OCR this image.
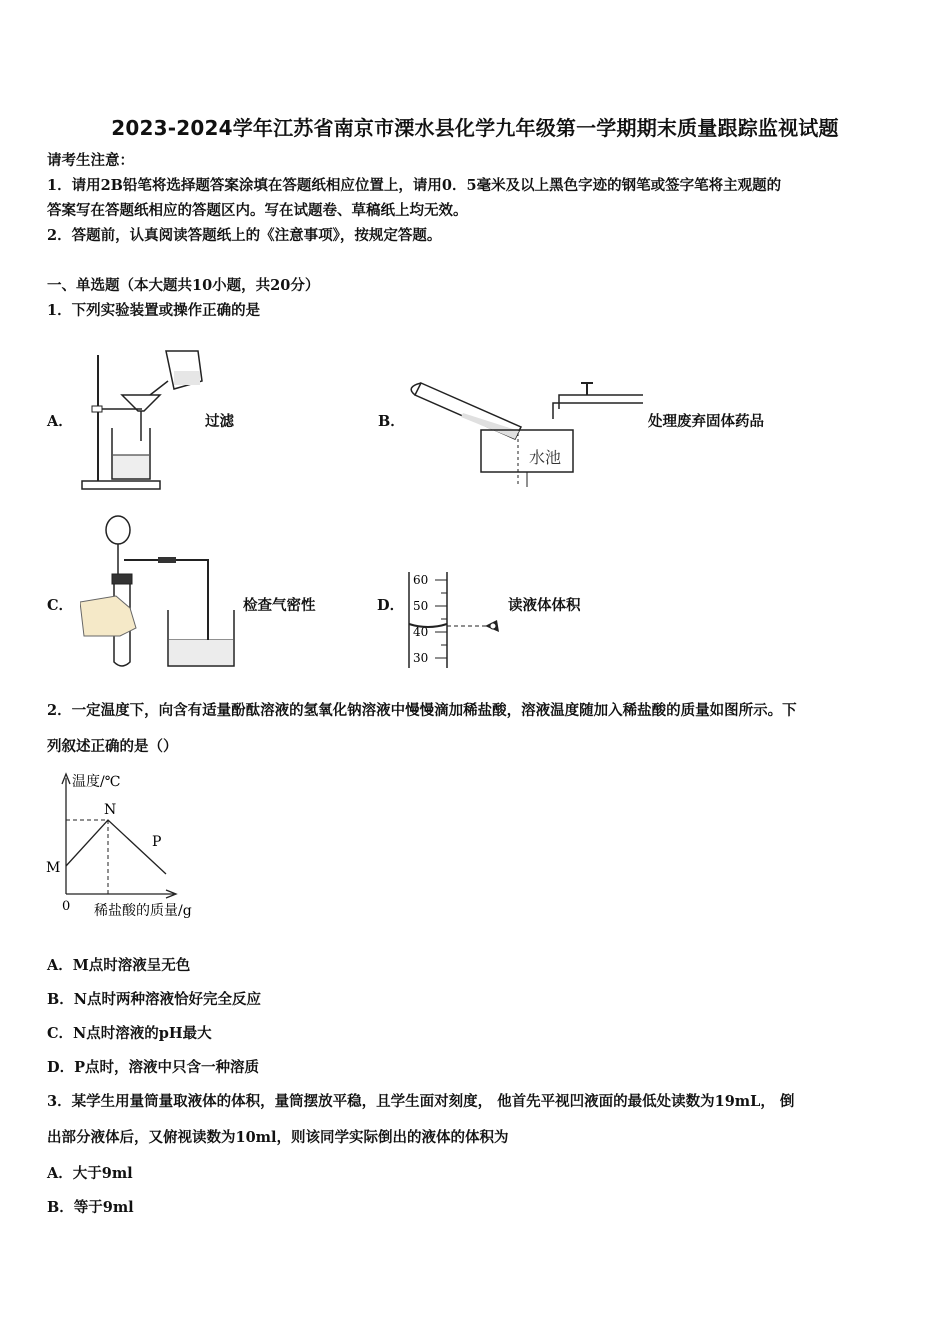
2023-2024学年江苏省南京市溧水县化学九年级第一学期期末质量跟踪监视试题
请考生注意：
1．请用2B铅笔将选择题答案涂填在答题纸相应位置上，请用0．5毫米及以上黑色字迹的钢笔或签字笔将主观题的
答案写在答题纸相应的答题区内。写在试题卷、草稿纸上均无效。
2．答题前，认真阅读答题纸上的《注意事项》，按规定答题。
一、单选题（本大题共10小题，共20分）
1．下列实验装置或操作正确的是
A．	过滤	B．
水池
处理废弃固体药品
C．	检查气密性	D．
60
50
40
30
读液体体积
2．一定温度下，向含有适量酚酞溶液的氢氧化钠溶液中慢慢滴加稀盐酸，溶液温度随加入稀盐酸的质量如图所示。下
列叙述正确的是（）
温度/℃
M
N
P
0 稀盐酸的质量/g
A．M点时溶液呈无色
B．N点时两种溶液恰好完全反应
C．N点时溶液的pH最大
D．P点时，溶液中只含一种溶质
3．某学生用量筒量取液体的体积，量筒摆放平稳，且学生面对刻度， 他首先平视凹液面的最低处读数为19mL， 倒
出部分液体后，又俯视读数为10ml，则该同学实际倒出的液体的体积为
A．大于9ml
B．等于9ml
